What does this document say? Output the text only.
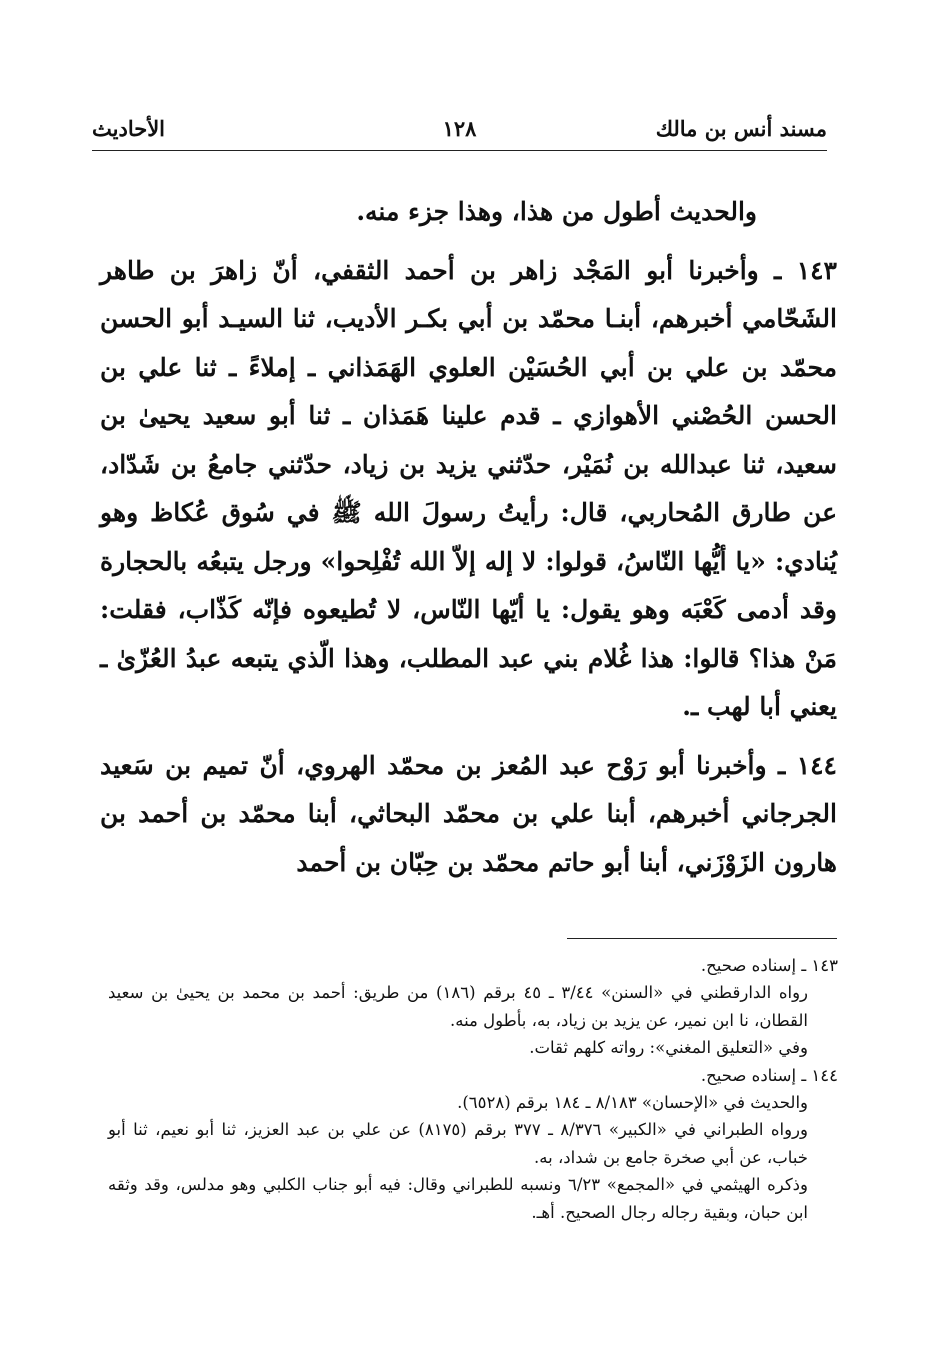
مسند أنس بن مالك
١٢٨
الأحاديث

والحديث أطول من هذا، وهذا جزء منه.

١٤٣ ـ وأخبرنا أبو المَجْد زاهر بن أحمد الثقفي، أنّ زاهرَ بن طاهر الشَحّامي أخبرهم، أبنـا محمّد بن أبي بكـر الأديب، ثنا السيـد أبو الحسن محمّد بن علي بن أبي الحُسَيْن العلوي الهَمَذاني ـ إملاءً ـ ثنا علي بن الحسن الحُصْني الأهوازي ـ قدم علينا هَمَذان ـ ثنا أبو سعيد يحيىٰ بن سعيد، ثنا عبدالله بن نُمَيْر، حدّثني يزيد بن زياد، حدّثني جامعُ بن شَدّاد، عن طارق المُحاربي، قال: رأيتُ رسولَ الله ﷺ في سُوق عُكاظ وهو يُنادي: «يا أيُّها النّاسُ، قولوا: لا إله إلاّ الله تُفْلِحوا» ورجل يتبعُه بالحجارة وقد أدمى كَعْبَه وهو يقول: يا أيّها النّاس، لا تُطيعوه فإنّه كَذّاب، فقلت: مَنْ هذا؟ قالوا: هذا غُلام بني عبد المطلب، وهذا الّذي يتبعه عبدُ العُزّىٰ ـ يعني أبا لهب ـ.

١٤٤ ـ وأخبرنا أبو رَوْح عبد المُعز بن محمّد الهروي، أنّ تميم بن سَعيد الجرجاني أخبرهم، أبنا علي بن محمّد البحاثي، أبنا محمّد بن أحمد بن هارون الزَوْزَني، أبنا أبو حاتم محمّد بن حِبّان بن أحمد

١٤٣ ـ إسناده صحيح.

رواه الدارقطني في «السنن» ٣/٤٤ ـ ٤٥ برقم (١٨٦) من طريق: أحمد بن محمد بن يحيىٰ بن سعيد القطان، نا ابن نمير، عن يزيد بن زياد، به، بأطول منه.

وفي «التعليق المغني»: رواته كلهم ثقات.

١٤٤ ـ إسناده صحيح.

والحديث في «الإحسان» ٨/١٨٣ ـ ١٨٤ برقم (٦٥٢٨).

ورواه الطبراني في «الكبير» ٨/٣٧٦ ـ ٣٧٧ برقم (٨١٧٥) عن علي بن عبد العزيز، ثنا أبو نعيم، ثنا أبو خباب، عن أبي صخرة جامع بن شداد، به.

وذكره الهيثمي في «المجمع» ٦/٢٣ ونسبه للطبراني وقال: فيه أبو جناب الكلبي وهو مدلس، وقد وثقه ابن حبان، وبقية رجاله رجال الصحيح. أهـ.
